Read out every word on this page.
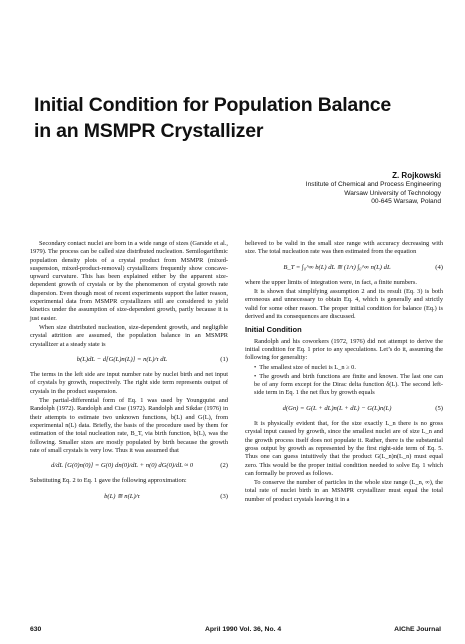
Initial Condition for Population Balance
in an MSMPR Crystallizer
Z. Rojkowski
Institute of Chemical and Process Engineering
Warsaw University of Technology
00-645 Warsaw, Poland

Secondary contact nuclei are born in a wide range of sizes (Garside et al., 1979). The process can be called size distributed nucleation. Semilogarithmic population density plots of a crystal product from MSMPR (mixed-suspension, mixed-product-removal) crystallizers frequently show concave-upward curvature. This has been explained either by the apparent size-dependent growth of crystals or by the phenomenon of crystal growth rate dispersion. Even though most of recent experiments support the latter reason, experimental data from MSMPR crystallizers still are considered to yield kinetics under the assumption of size-dependent growth, partly because it is just easier.

When size distributed nucleation, size-dependent growth, and negligible crystal attrition are assumed, the population balance in an MSMPR crystallizer at a steady state is

b(L)dL − d[G(L)n(L)] = n(L)/τ dL	(1)

The terms in the left side are input number rate by nuclei birth and net input of crystals by growth, respectively. The right side term represents output of crystals in the product suspension.

The partial-differential form of Eq. 1 was used by Youngquist and Randolph (1972). Randolph and Cise (1972). Randolph and Sikdar (1976) in their attempts to estimate two unknown functions, b(L) and G(L), from experimental n(L) data. Briefly, the basis of the procedure used by them for estimation of the total nucleation rate, B_T, via birth function, b(L), was the following. Smaller sizes are mostly populated by birth because the growth rate of small crystals is very low. Thus it was assumed that

d/dL [G(0)n(0)] = G(0) dn(0)/dL + n(0) dG(0)/dL ≈ 0	(2)

Substituting Eq. 2 to Eq. 1 gave the following approximation:

b(L) ≅ n(L)/τ	(3)

believed to be valid in the small size range with accuracy decreasing with size. The total nucleation rate was then estimated from the equation

B_T = ∫₀^∞ b(L) dL ≅ (1/τ) ∫₀^∞ n(L) dL	(4)

where the upper limits of integration were, in fact, a finite numbers.

It is shown that simplifying assumption 2 and its result (Eq. 3) is both erroneous and unnecessary to obtain Eq. 4, which is generally and strictly valid for some other reason. The proper initial condition for balance (Eq.) is derived and its consequences are discussed.

Initial Condition

Randolph and his coworkers (1972, 1976) did not attempt to derive the initial condition for Eq. 1 prior to any speculations. Let’s do it, assuming the following for generality:

• The smallest size of nuclei is L_n ≥ 0.

• The growth and birth functions are finite and known. The last one can be of any form except for the Dirac delta function δ(L). The second left-side term in Eq. 1 the net flux by growth equals

d(Gn) = G(L + dL)n(L + dL) − G(L)n(L)	(5)

It is physically evident that, for the size exactly L_n there is no gross crystal input caused by growth, since the smallest nuclei are of size L_n and the growth process itself does not populate it. Rather, there is the substantial gross output by growth as represented by the first right-side term of Eq. 5. Thus one can guess intuitively that the product G(L_n)n(L_n) must equal zero. This would be the proper initial condition needed to solve Eq. 1 which can formally be proved as follows.

To conserve the number of particles in the whole size range (L_n, ∞), the total rate of nuclei birth in an MSMPR crystallizer must equal the total number of product crystals leaving it in a

630	April 1990 Vol. 36, No. 4	AIChE Journal
